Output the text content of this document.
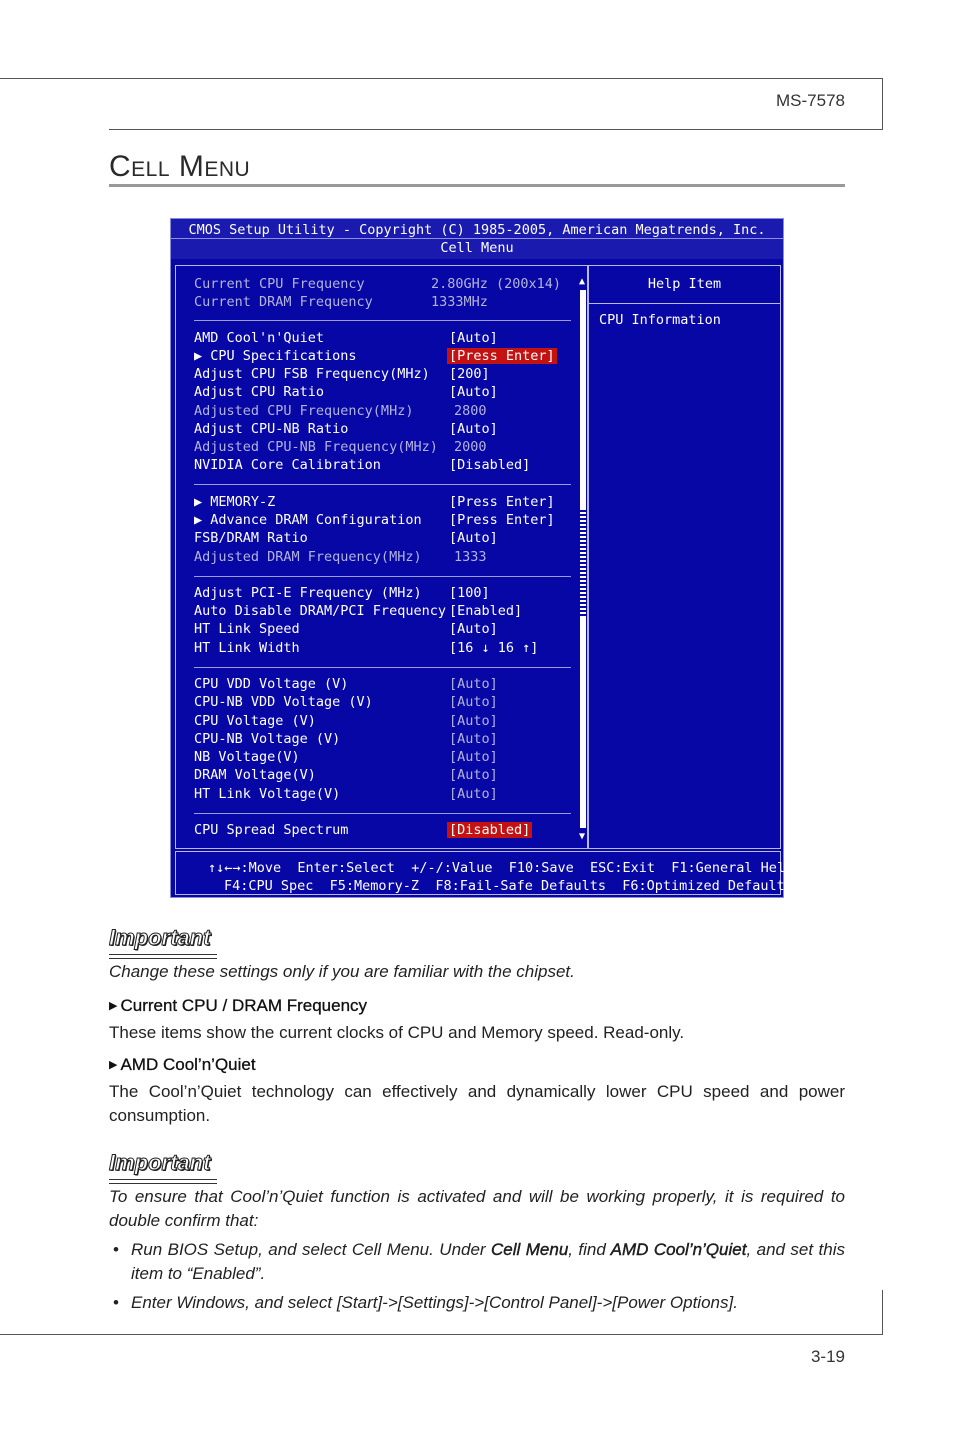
MS-7578
Cell Menu
CMOS Setup Utility - Copyright (C) 1985-2005, American Megatrends, Inc.
Cell Menu
Current CPU Frequency	2.80GHz (200x14)
Current DRAM Frequency	1333MHz
AMD Cool'n'Quiet	[Auto]
▶ CPU Specifications	[Press Enter]
Adjust CPU FSB Frequency(MHz) [200]
Adjust CPU Ratio	[Auto]
Adjusted CPU Frequency(MHz)	2800
Adjust CPU-NB Ratio	[Auto]
Adjusted CPU-NB Frequency(MHz) 2000
NVIDIA Core Calibration	[Disabled]
▶ MEMORY-Z	[Press Enter]
▶ Advance DRAM Configuration [Press Enter]
FSB/DRAM Ratio	[Auto]
Adjusted DRAM Frequency(MHz) 1333
Adjust PCI-E Frequency (MHz) [100]
Auto Disable DRAM/PCI Frequency [Enabled]
HT Link Speed	[Auto]
HT Link Width	[16 ↓ 16 ↑]
CPU VDD Voltage (V)	[Auto]
CPU-NB VDD Voltage (V)	[Auto]
CPU Voltage (V)	[Auto]
CPU-NB Voltage (V)	[Auto]
NB Voltage(V)	[Auto]
DRAM Voltage(V)	[Auto]
HT Link Voltage(V)	[Auto]
CPU Spread Spectrum	[Disabled]
▲
▼
Help Item
CPU Information
↑↓←→:Move  Enter:Select  +/-/:Value  F10:Save  ESC:Exit  F1:General Help
F4:CPU Spec  F5:Memory-Z  F8:Fail-Safe Defaults  F6:Optimized Defaults
Important
Change these settings only if you are familiar with the chipset.
▶ Current CPU / DRAM Frequency
These items show the current clocks of CPU and Memory speed. Read-only.
▶ AMD Cool’n’Quiet
The Cool’n’Quiet technology can effectively and dynamically lower CPU speed and power consumption.
Important
To ensure that Cool’n’Quiet function is activated and will be working properly, it is required to double confirm that:
• Run BIOS Setup, and select Cell Menu. Under Cell Menu, find AMD Cool’n’Quiet, and set this item to “Enabled”.
• Enter Windows, and select [Start]->[Settings]->[Control Panel]->[Power Options].
3-19
